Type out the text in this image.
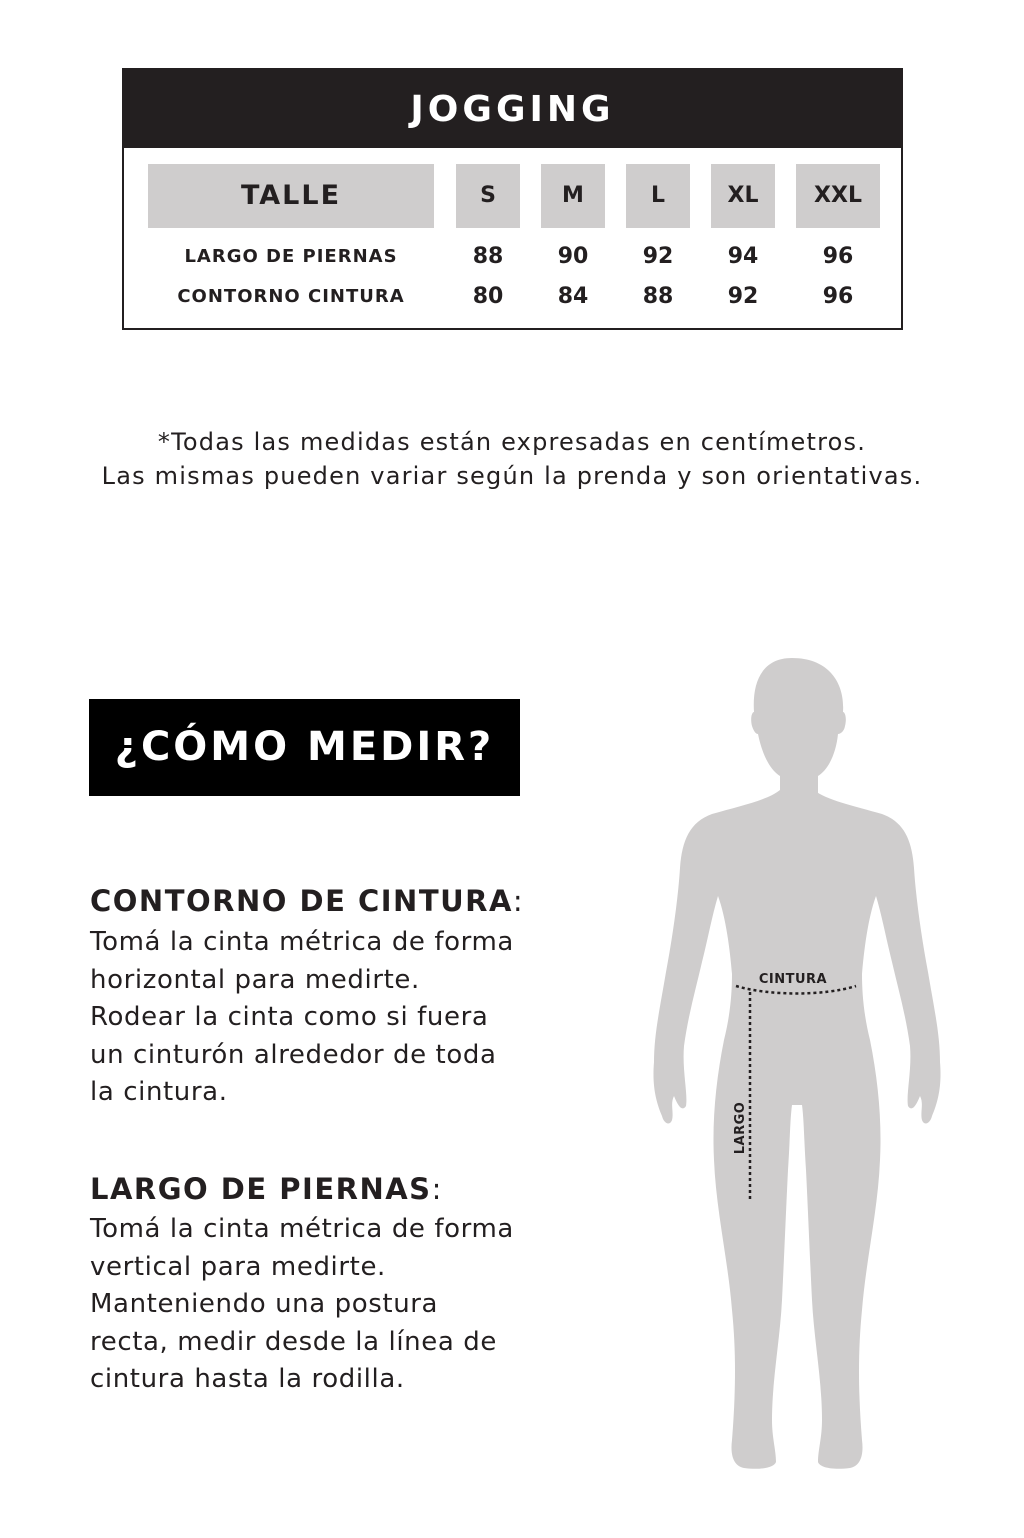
JOGGING
TALLE	S	M	L	XL	XXL
LARGO DE PIERNAS	88	90	92	94	96
CONTORNO CINTURA	80	84	88	92	96
*Todas las medidas están expresadas en centímetros.
Las mismas pueden variar según la prenda y son orientativas.
¿CÓMO MEDIR?
CONTORNO DE CINTURA:
Tomá la cinta métrica de forma
horizontal para medirte.
Rodear la cinta como si fuera
un cinturón alrededor de toda
la cintura.
LARGO DE PIERNAS:
Tomá la cinta métrica de forma
vertical para medirte.
Manteniendo una postura
recta, medir desde la línea de
cintura hasta la rodilla.
CINTURA
LARGO
